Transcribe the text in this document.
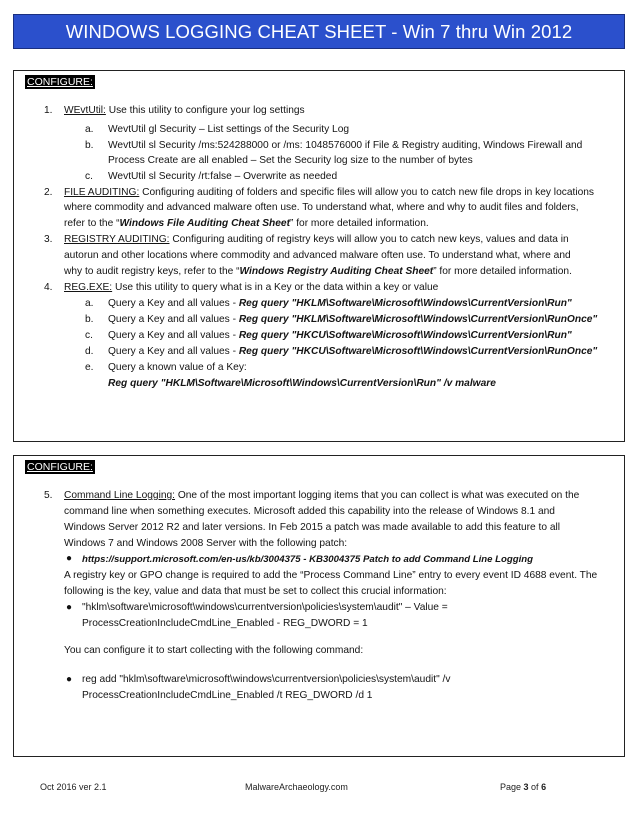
WINDOWS LOGGING CHEAT SHEET - Win 7 thru Win 2012
CONFIGURE:
1. WEvtUtil: Use this utility to configure your log settings
a. WevtUtil gl Security – List settings of the Security Log
b. WevtUtil sl Security /ms:524288000 or /ms: 1048576000 if File & Registry auditing, Windows Firewall and
Process Create are all enabled – Set the Security log size to the number of bytes
c. WevtUtil sl Security /rt:false – Overwrite as needed
2. FILE AUDITING: Configuring auditing of folders and specific files will allow you to catch new file drops in key locations
where commodity and advanced malware often use. To understand what, where and why to audit files and folders,
refer to the “Windows File Auditing Cheat Sheet” for more detailed information.
3. REGISTRY AUDITING: Configuring auditing of registry keys will allow you to catch new keys, values and data in
autorun and other locations where commodity and advanced malware often use. To understand what, where and
why to audit registry keys, refer to the “Windows Registry Auditing Cheat Sheet” for more detailed information.
4. REG.EXE: Use this utility to query what is in a Key or the data within a key or value
a. Query a Key and all values - Reg query "HKLM\Software\Microsoft\Windows\CurrentVersion\Run"
b. Query a Key and all values - Reg query "HKLM\Software\Microsoft\Windows\CurrentVersion\RunOnce"
c. Query a Key and all values - Reg query "HKCU\Software\Microsoft\Windows\CurrentVersion\Run"
d. Query a Key and all values - Reg query "HKCU\Software\Microsoft\Windows\CurrentVersion\RunOnce"
e. Query a known value of a Key:
Reg query "HKLM\Software\Microsoft\Windows\CurrentVersion\Run" /v malware
CONFIGURE:
5. Command Line Logging: One of the most important logging items that you can collect is what was executed on the
command line when something executes. Microsoft added this capability into the release of Windows 8.1 and
Windows Server 2012 R2 and later versions. In Feb 2015 a patch was made available to add this feature to all
Windows 7 and Windows 2008 Server with the following patch:
● https://support.microsoft.com/en-us/kb/3004375 - KB3004375 Patch to add Command Line Logging
A registry key or GPO change is required to add the “Process Command Line” entry to every event ID 4688 event. The
following is the key, value and data that must be set to collect this crucial information:
● "hklm\software\microsoft\windows\currentversion\policies\system\audit" – Value =
ProcessCreationIncludeCmdLine_Enabled - REG_DWORD = 1
You can configure it to start collecting with the following command:
● reg add "hklm\software\microsoft\windows\currentversion\policies\system\audit" /v
ProcessCreationIncludeCmdLine_Enabled /t REG_DWORD /d 1
Oct 2016 ver 2.1	MalwareArchaeology.com	Page 3 of 6
